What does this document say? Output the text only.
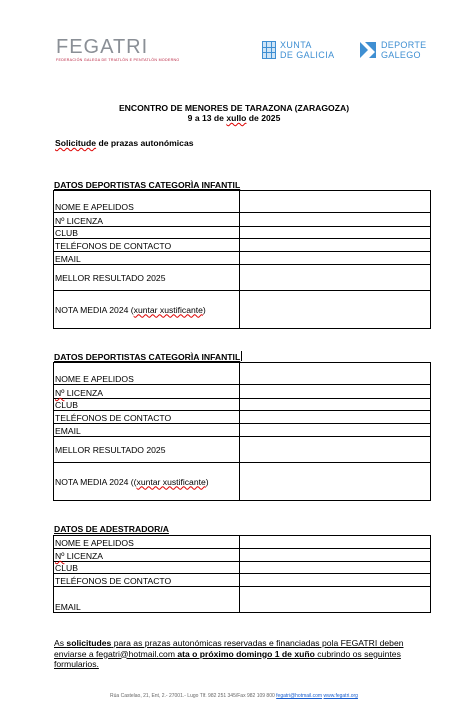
FEGATRI
FEDERACIÓN GALEGA DE TRIATLÓN E PENTATLÓN MODERNO
XUNTA
DE GALICIA
DEPORTE
GALEGO
ENCONTRO DE MENORES DE TARAZONA (ZARAGOZA)
9 a 13 de xullo de 2025
Solicitude de prazas autonómicas
DATOS DEPORTISTAS CATEGORÌA INFANTIL
NOME E APELIDOS	
Nº LICENZA	
CLUB	
TELÉFONOS DE CONTACTO	
EMAIL	
MELLOR RESULTADO 2025	
NOTA MEDIA 2024 (xuntar xustificante)	
DATOS DEPORTISTAS CATEGORÌA INFANTIL
NOME E APELIDOS	
Nº LICENZA	
CLUB	
TELÉFONOS DE CONTACTO	
EMAIL	
MELLOR RESULTADO 2025	
NOTA MEDIA 2024 ((xuntar xustificante)	
DATOS DE ADESTRADOR/A
NOME E APELIDOS	
Nº LICENZA	
CLUB	
TELÉFONOS DE CONTACTO	
EMAIL	
As solicitudes para as prazas autonómicas reservadas e financiadas pola FEGATRI deben enviarse a fegatri@hotmail.com ata o próximo domingo 1 de xuño cubrindo os seguintes formularios.
Rúa Castelao, 21, Ent, 2.- 27001.- Lugo Tlf. 982 251 345/Fax 982 109 800 fegatri@hotmail.com www.fegatri.org
